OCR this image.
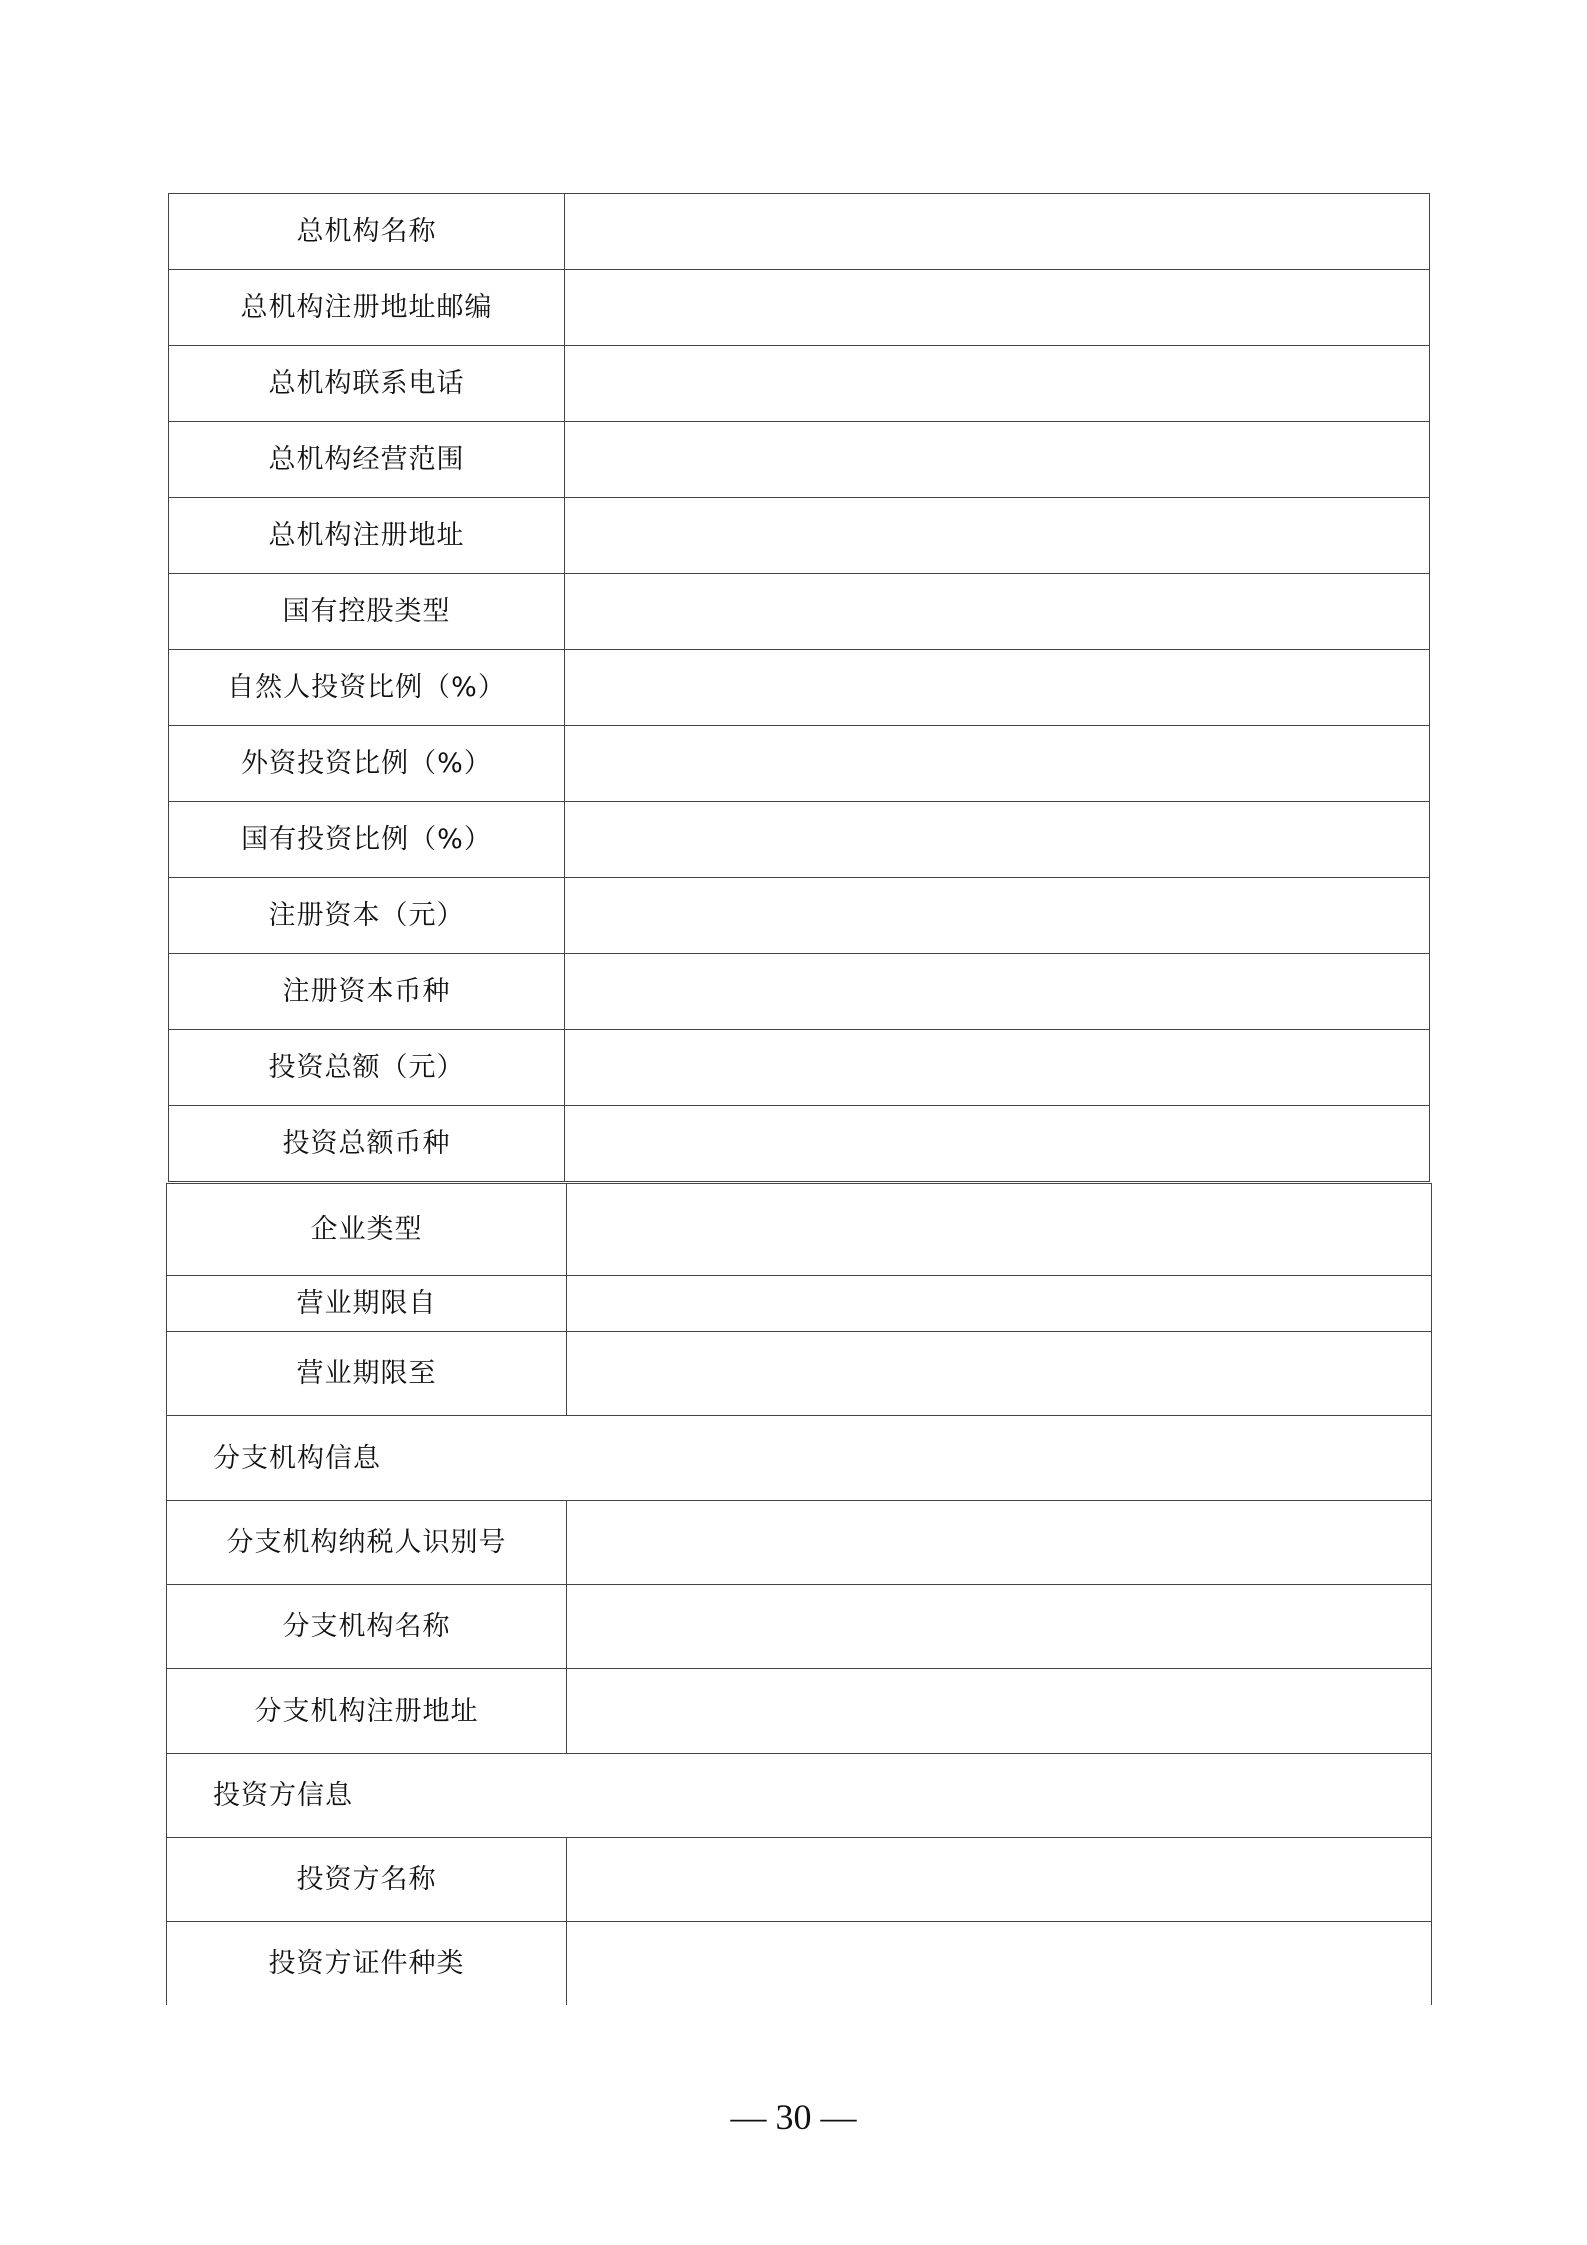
总机构名称	
总机构注册地址邮编	
总机构联系电话	
总机构经营范围	
总机构注册地址	
国有控股类型	
自然人投资比例（%）	
外资投资比例（%）	
国有投资比例（%）	
注册资本（元）	
注册资本币种	
投资总额（元）	
投资总额币种	
企业类型	
营业期限自	
营业期限至	
分支机构信息	
分支机构纳税人识别号	
分支机构名称	
分支机构注册地址	
投资方信息	
投资方名称	
投资方证件种类	
— 30 —
